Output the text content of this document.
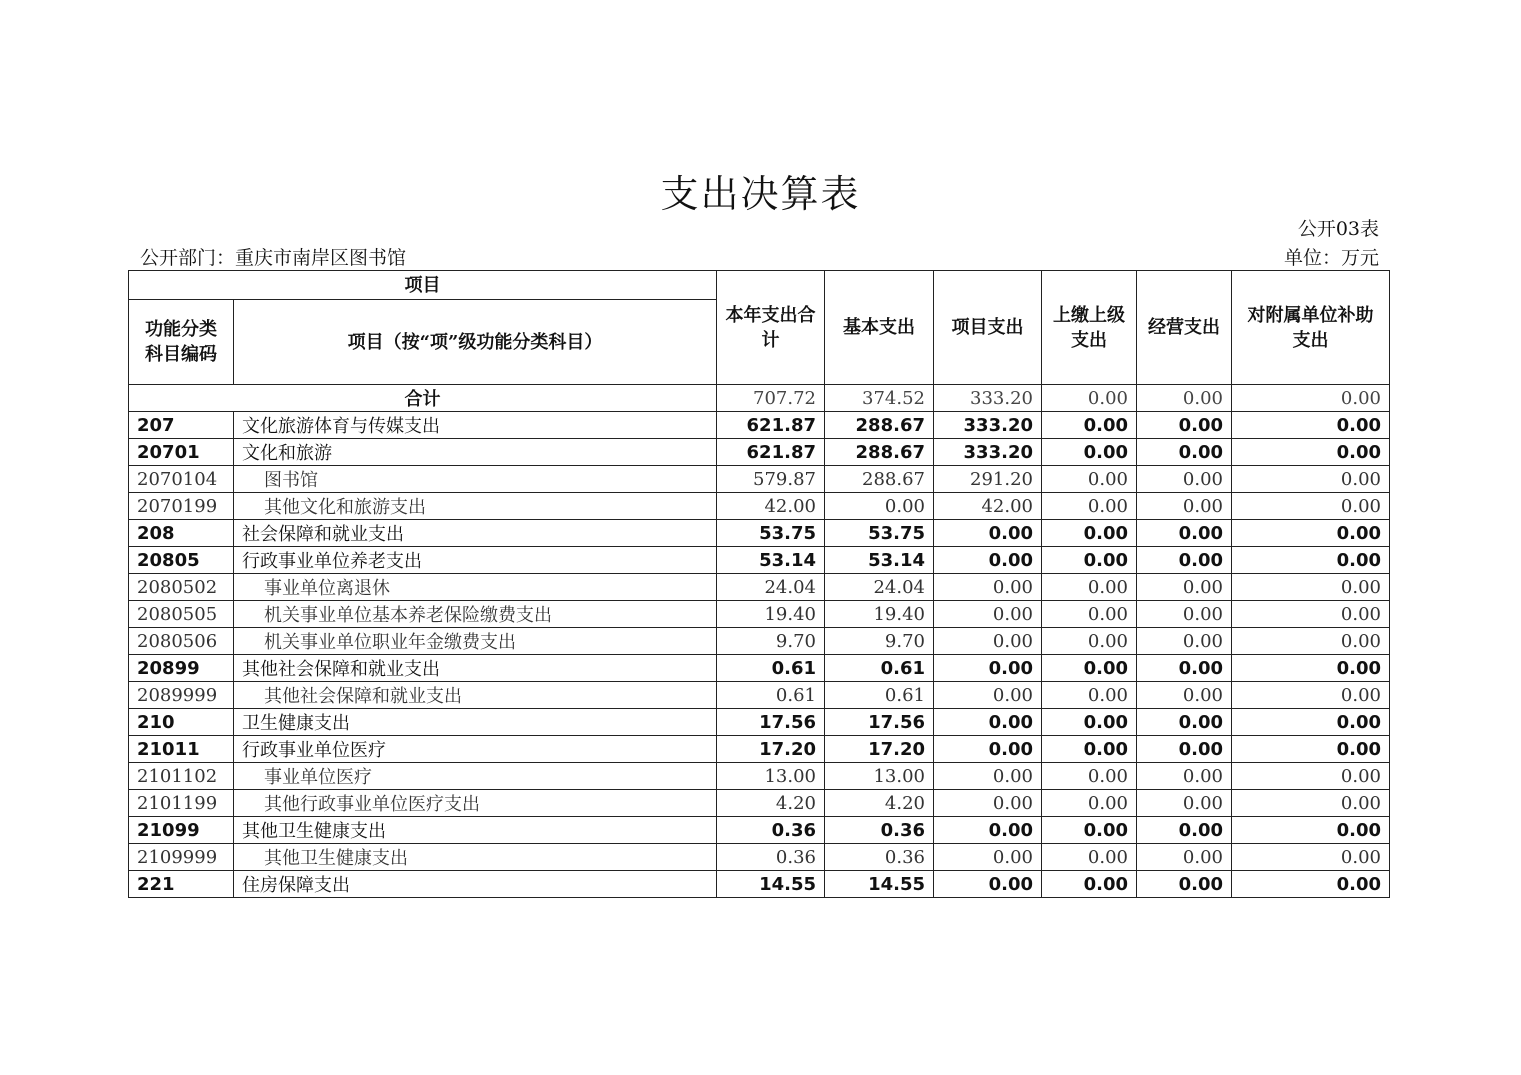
支出决算表
公开03表
公开部门：重庆市南岸区图书馆	单位：万元
项目		本年支出合计	基本支出	项目支出	上缴上级支出	经营支出	对附属单位补助支出
功能分类科目编码	项目（按“项”级功能分类科目）						
合计		707.72	374.52	333.20	0.00	0.00	0.00
207	文化旅游体育与传媒支出	621.87	288.67	333.20	0.00	0.00	0.00
20701	文化和旅游	621.87	288.67	333.20	0.00	0.00	0.00
2070104	图书馆	579.87	288.67	291.20	0.00	0.00	0.00
2070199	其他文化和旅游支出	42.00	0.00	42.00	0.00	0.00	0.00
208	社会保障和就业支出	53.75	53.75	0.00	0.00	0.00	0.00
20805	行政事业单位养老支出	53.14	53.14	0.00	0.00	0.00	0.00
2080502	事业单位离退休	24.04	24.04	0.00	0.00	0.00	0.00
2080505	机关事业单位基本养老保险缴费支出	19.40	19.40	0.00	0.00	0.00	0.00
2080506	机关事业单位职业年金缴费支出	9.70	9.70	0.00	0.00	0.00	0.00
20899	其他社会保障和就业支出	0.61	0.61	0.00	0.00	0.00	0.00
2089999	其他社会保障和就业支出	0.61	0.61	0.00	0.00	0.00	0.00
210	卫生健康支出	17.56	17.56	0.00	0.00	0.00	0.00
21011	行政事业单位医疗	17.20	17.20	0.00	0.00	0.00	0.00
2101102	事业单位医疗	13.00	13.00	0.00	0.00	0.00	0.00
2101199	其他行政事业单位医疗支出	4.20	4.20	0.00	0.00	0.00	0.00
21099	其他卫生健康支出	0.36	0.36	0.00	0.00	0.00	0.00
2109999	其他卫生健康支出	0.36	0.36	0.00	0.00	0.00	0.00
221	住房保障支出	14.55	14.55	0.00	0.00	0.00	0.00
